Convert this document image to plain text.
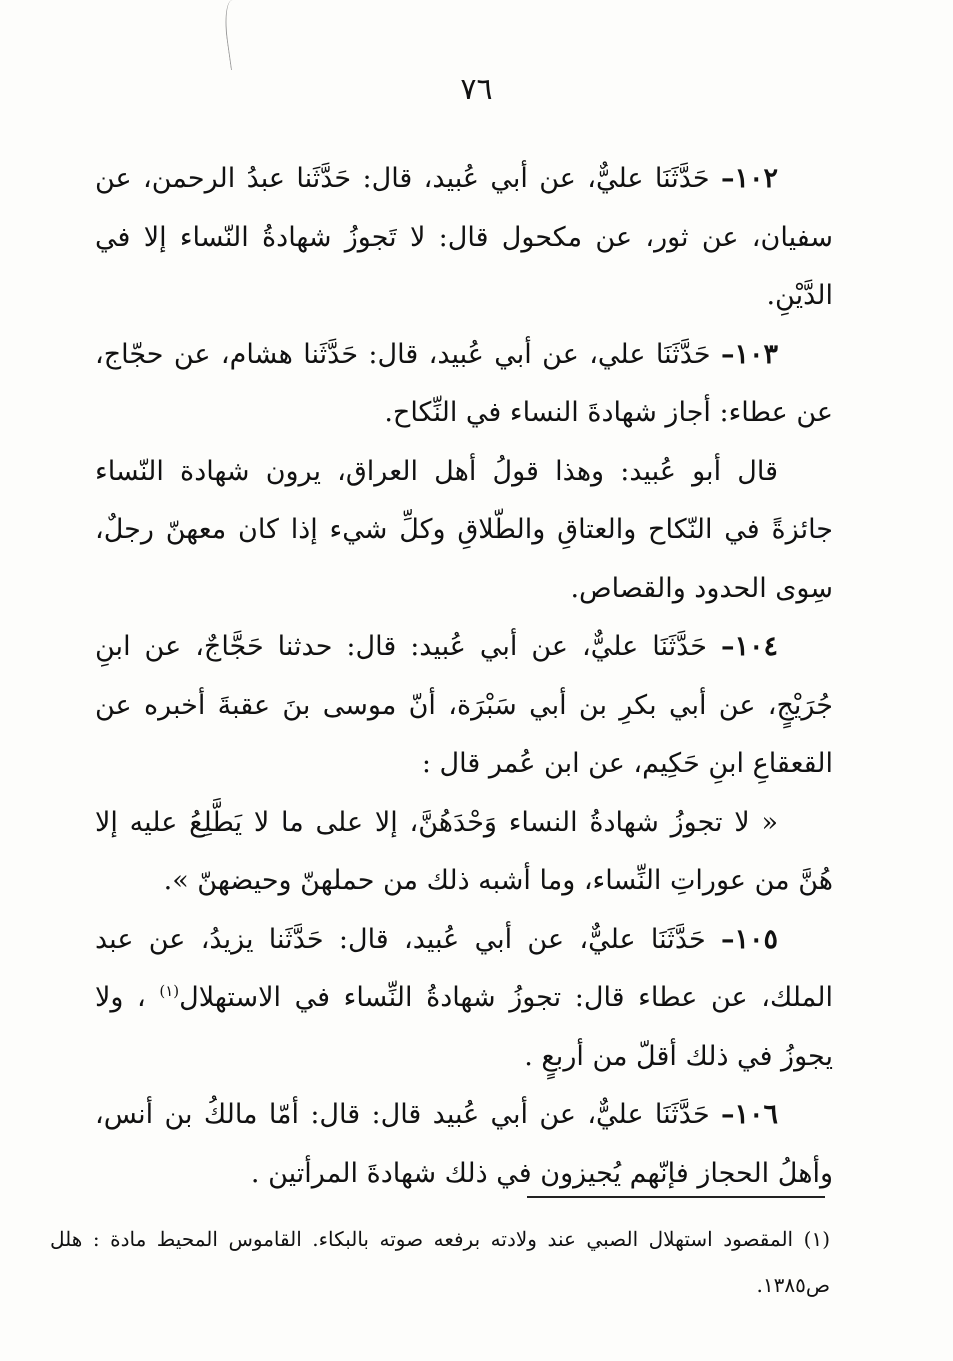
٧٦

١٠٢– حَدَّثَنَا عليٌّ، عن أبي عُبيد، قال: حَدَّثَنا عبدُ الرحمن، عن سفيان، عن ثور، عن مكحول قال: لا تَجوزُ شهادةُ النّساء إلا في الدَّيْنِ.

١٠٣– حَدَّثَنَا علي، عن أبي عُبيد، قال: حَدَّثَنا هشام، عن حجّاج، عن عطاء: أجاز شهادةَ النساء في النِّكاح.

قال أبو عُبيد: وهذا قولُ أهل العراق، يرون شهادة النّساء جائزةً في النّكاح والعتاقِ والطّلاقِ وكلِّ شيء إذا كان معهنّ رجلٌ، سِوى الحدود والقصاص.

١٠٤– حَدَّثَنَا عليٌّ، عن أبي عُبيد: قال: حدثنا حَجَّاجٌ، عن ابنِ جُرَيْجٍ، عن أبي بكرِ بن أبي سَبْرَة، أنّ موسى بنَ عقبةَ أخبره عن القعقاعِ ابنِ حَكِيم، عن ابن عُمر قال :

« لا تجوزُ شهادةُ النساء وَحْدَهُنَّ، إلا على ما لا يَطَّلِعُ عليه إلا هُنَّ من عوراتِ النِّساء، وما أشبه ذلك من حملهنّ وحيضهنّ ».

١٠٥– حَدَّثَنَا عليٌّ، عن أبي عُبيد، قال: حَدَّثَنا يزيدُ، عن عبد الملك، عن عطاء قال: تجوزُ شهادةُ النِّساء في الاستهلال$^{(١)}$ ، ولا يجوزُ في ذلك أقلّ من أربعٍ .

١٠٦– حَدَّثَنَا عليٌّ، عن أبي عُبيد قال: قال: أمّا مالكُ بن أنس، وأهلُ الحجاز فإنّهم يُجيزون في ذلك شهادةَ المرأتين .

(١) المقصود استهلال الصبي عند ولادته برفعه صوته بالبكاء. القاموس المحيط مادة : هلل ص١٣٨٥.
